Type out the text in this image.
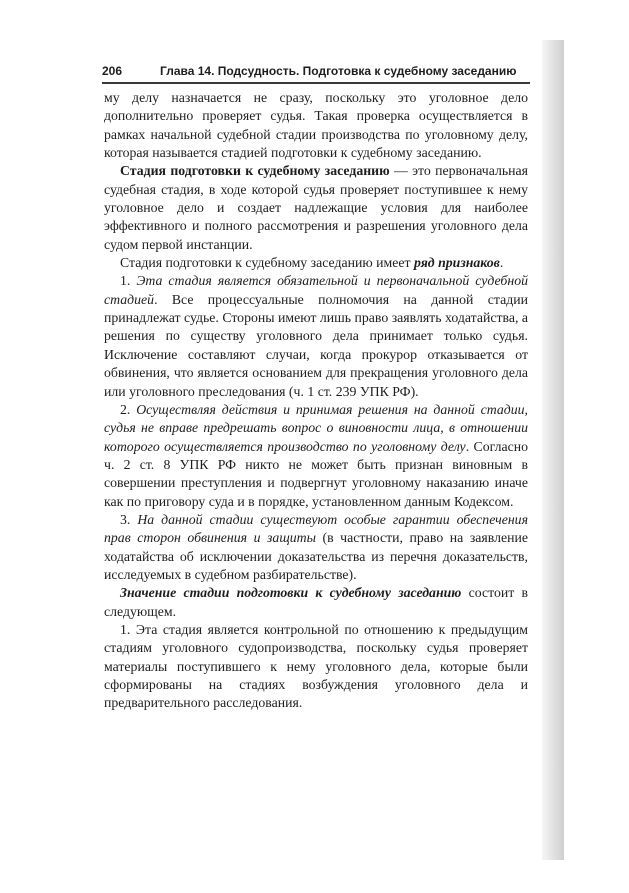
206	Глава 14. Подсудность. Подготовка к судебному заседанию

му делу назначается не сразу, поскольку это уголовное дело дополнительно проверяет судья. Такая проверка осуществляется в рамках начальной судебной стадии производства по уголовному делу, которая называется стадией подготовки к судебному заседанию.

Стадия подготовки к судебному заседанию — это первоначальная судебная стадия, в ходе которой судья проверяет поступившее к нему уголовное дело и создает надлежащие условия для наиболее эффективного и полного рассмотрения и разрешения уголовного дела судом первой инстанции.

Стадия подготовки к судебному заседанию имеет ряд признаков.

1. Эта стадия является обязательной и первоначальной судебной стадией. Все процессуальные полномочия на данной стадии принадлежат судье. Стороны имеют лишь право заявлять ходатайства, а решения по существу уголовного дела принимает только судья. Исключение составляют случаи, когда прокурор отказывается от обвинения, что является основанием для прекращения уголовного дела или уголовного преследования (ч. 1 ст. 239 УПК РФ).

2. Осуществляя действия и принимая решения на данной стадии, судья не вправе предрешать вопрос о виновности лица, в отношении которого осуществляется производство по уголовному делу. Согласно ч. 2 ст. 8 УПК РФ никто не может быть признан виновным в совершении преступления и подвергнут уголовному наказанию иначе как по приговору суда и в порядке, установленном данным Кодексом.

3. На данной стадии существуют особые гарантии обеспечения прав сторон обвинения и защиты (в частности, право на заявление ходатайства об исключении доказательства из перечня доказательств, исследуемых в судебном разбирательстве).

Значение стадии подготовки к судебному заседанию состоит в следующем.

1. Эта стадия является контрольной по отношению к предыдущим стадиям уголовного судопроизводства, поскольку судья проверяет материалы поступившего к нему уголовного дела, которые были сформированы на стадиях возбуждения уголовного дела и предварительного расследования.
